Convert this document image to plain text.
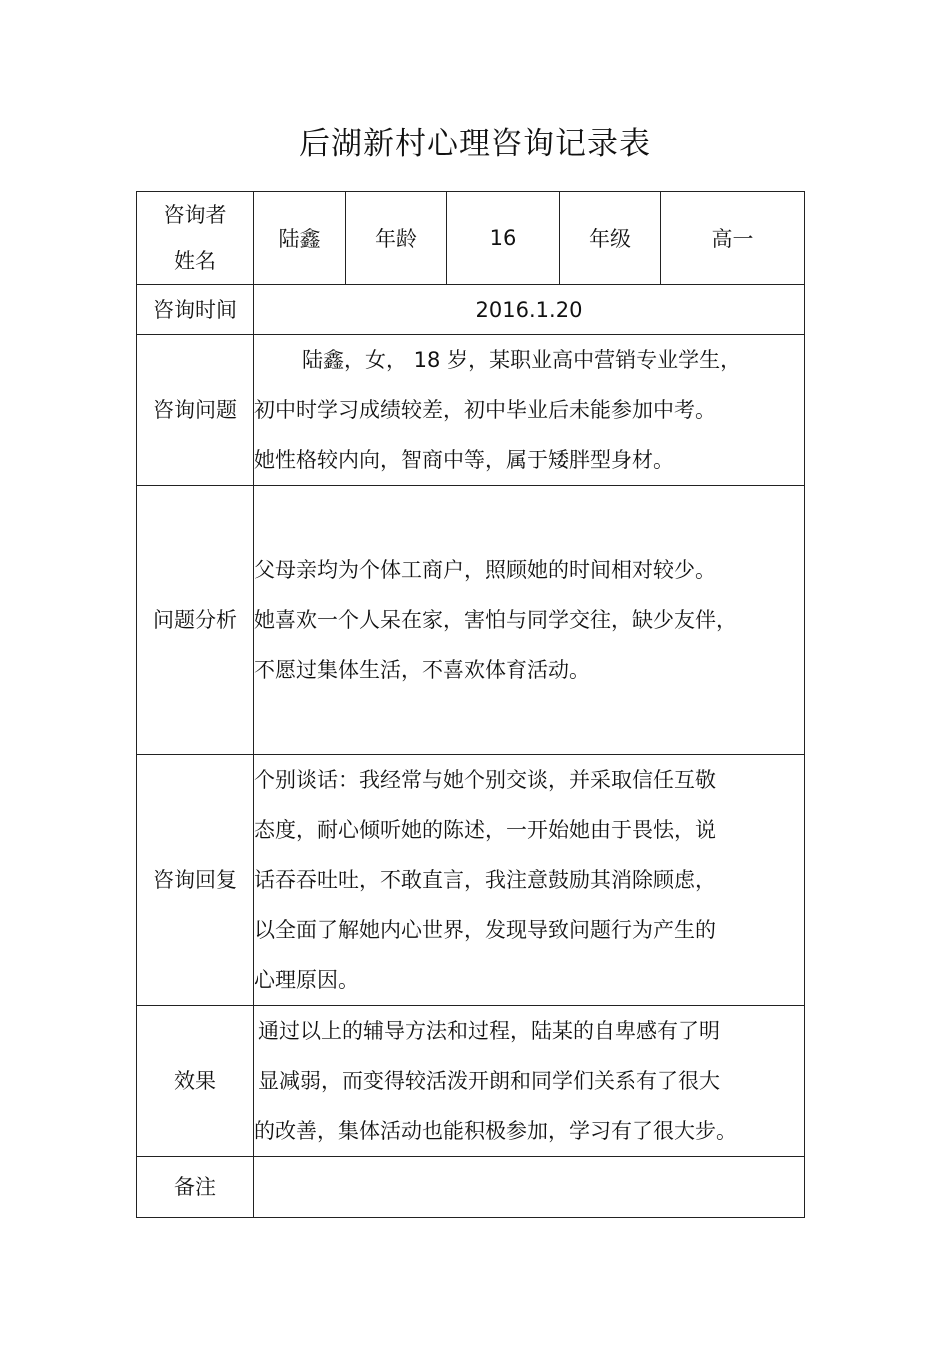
后湖新村心理咨询记录表
咨询者
姓名	陆鑫	年龄	16	年级	高一
咨询时间	2016.1.20				
咨询问题	陆鑫，女， 18 岁，某职业高中营销专业学生，
初中时学习成绩较差，初中毕业后未能参加中考。
她性格较内向，智商中等，属于矮胖型身材。				

问题分析	父母亲均为个体工商户，照顾她的时间相对较少。
她喜欢一个人呆在家，害怕与同学交往，缺少友伴，
不愿过集体生活，不喜欢体育活动。				

咨询回复	个别谈话：我经常与她个别交谈，并采取信任互敬
态度，耐心倾听她的陈述，一开始她由于畏怯，说
话吞吞吐吐，不敢直言，我注意鼓励其消除顾虑，
以全面了解她内心世界，发现导致问题行为产生的
心理原因。				

效果	通过以上的辅导方法和过程，陆某的自卑感有了明
显减弱，而变得较活泼开朗和同学们关系有了很大
的改善，集体活动也能积极参加，学习有了很大步。				

备注					
